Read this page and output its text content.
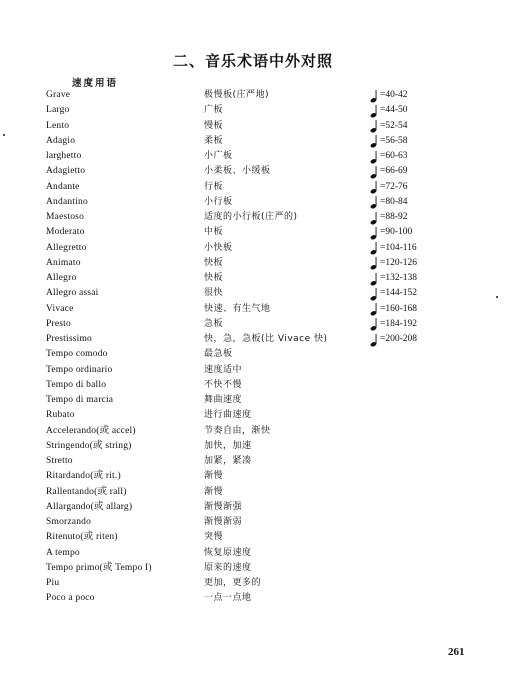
二、音乐术语中外对照
速度用语
Grave	极慢板(庄严地)	=40-42
Largo	广板	=44-50
Lento	慢板	=52-54
Adagio	柔板	=56-58
larghetto	小广板	=60-63
Adagietto	小柔板、小缓板	=66-69
Andante	行板	=72-76
Andantino	小行板	=80-84
Maestoso	适度的小行板(庄严的)	=88-92
Moderato	中板	=90-100
Allegretto	小快板	=104-116
Animato	快板	=120-126
Allegro	快板	=132-138
Allegro assai	很快	=144-152
Vivace	快速、有生气地	=160-168
Presto	急板	=184-192
Prestissimo	快，急，急板(比 Vivace 快)	=200-208
Tempo comodo	最急板
Tempo ordinario	速度适中
Tempo di ballo	不快不慢
Tempo di marcia	舞曲速度
Rubato	进行曲速度
Accelerando(或 accel)	节奏自由，渐快
Stringendo(或 string)	加快，加速
Stretto	加紧，紧凑
Ritardando(或 rit.)	渐慢
Rallentando(或 rall)	渐慢
Allargando(或 allarg)	渐慢渐强
Smorzando	渐慢渐弱
Ritenuto(或 riten)	突慢
A tempo	恢复原速度
Tempo primo(或 Tempo I)	原来的速度
Piu	更加，更多的
Poco a poco	一点一点地
261
